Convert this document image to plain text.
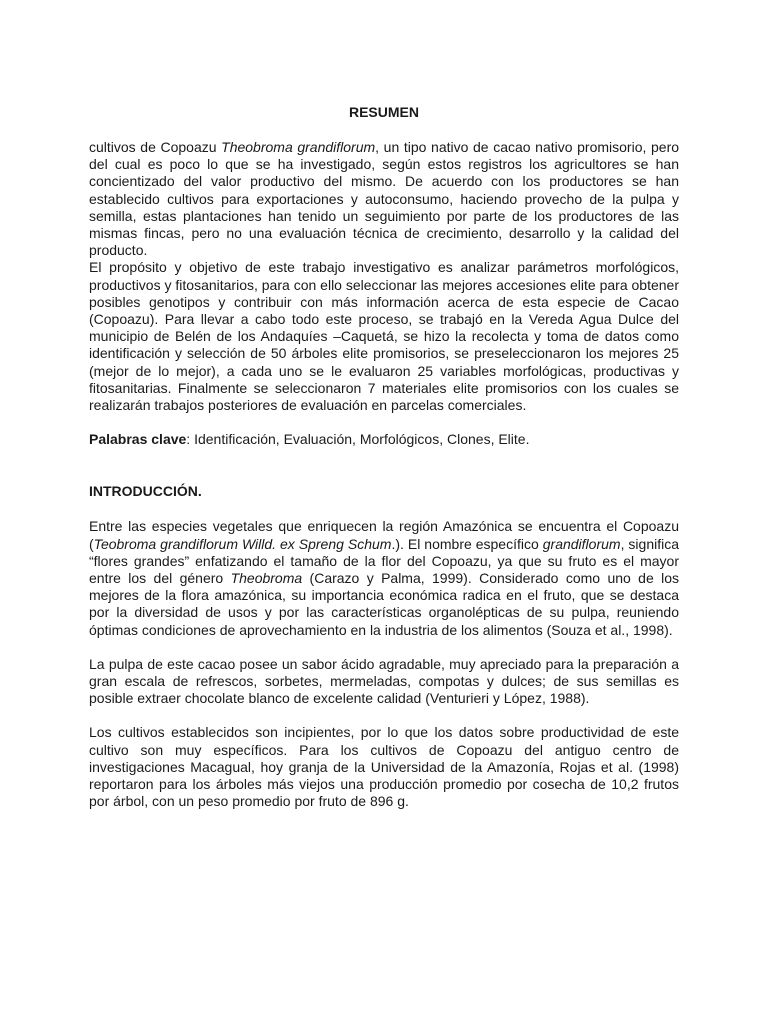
RESUMEN

cultivos de Copoazu Theobroma grandiflorum, un tipo nativo de cacao nativo promisorio, pero del cual es poco lo que se ha investigado, según estos registros los agricultores se han concientizado del valor productivo del mismo. De acuerdo con los productores se han establecido cultivos para exportaciones y autoconsumo, haciendo provecho de la pulpa y semilla, estas plantaciones han tenido un seguimiento por parte de los productores de las mismas fincas, pero no una evaluación técnica de crecimiento, desarrollo y la calidad del producto.

El propósito y objetivo de este trabajo investigativo es analizar parámetros morfológicos, productivos y fitosanitarios, para con ello seleccionar las mejores accesiones elite para obtener posibles genotipos y contribuir con más información acerca de esta especie de Cacao (Copoazu). Para llevar a cabo todo este proceso, se trabajó en la Vereda Agua Dulce del municipio de Belén de los Andaquíes –Caquetá, se hizo la recolecta y toma de datos como identificación y selección de 50 árboles elite promisorios, se preseleccionaron los mejores 25 (mejor de lo mejor), a cada uno se le evaluaron 25 variables morfológicas, productivas y fitosanitarias. Finalmente se seleccionaron 7 materiales elite promisorios con los cuales se realizarán trabajos posteriores de evaluación en parcelas comerciales.

Palabras clave: Identificación, Evaluación, Morfológicos, Clones, Elite.

INTRODUCCIÓN.

Entre las especies vegetales que enriquecen la región Amazónica se encuentra el Copoazu (Teobroma grandiflorum Willd. ex Spreng Schum.). El nombre específico grandiflorum, significa “flores grandes” enfatizando el tamaño de la flor del Copoazu, ya que su fruto es el mayor entre los del género Theobroma (Carazo y Palma, 1999). Considerado como uno de los mejores de la flora amazónica, su importancia económica radica en el fruto, que se destaca por la diversidad de usos y por las características organolépticas de su pulpa, reuniendo óptimas condiciones de aprovechamiento en la industria de los alimentos (Souza et al., 1998).

La pulpa de este cacao posee un sabor ácido agradable, muy apreciado para la preparación a gran escala de refrescos, sorbetes, mermeladas, compotas y dulces; de sus semillas es posible extraer chocolate blanco de excelente calidad (Venturieri y López, 1988).

Los cultivos establecidos son incipientes, por lo que los datos sobre productividad de este cultivo son muy específicos. Para los cultivos de Copoazu del antiguo centro de investigaciones Macagual, hoy granja de la Universidad de la Amazonía, Rojas et al. (1998) reportaron para los árboles más viejos una producción promedio por cosecha de 10,2 frutos por árbol, con un peso promedio por fruto de 896 g.
